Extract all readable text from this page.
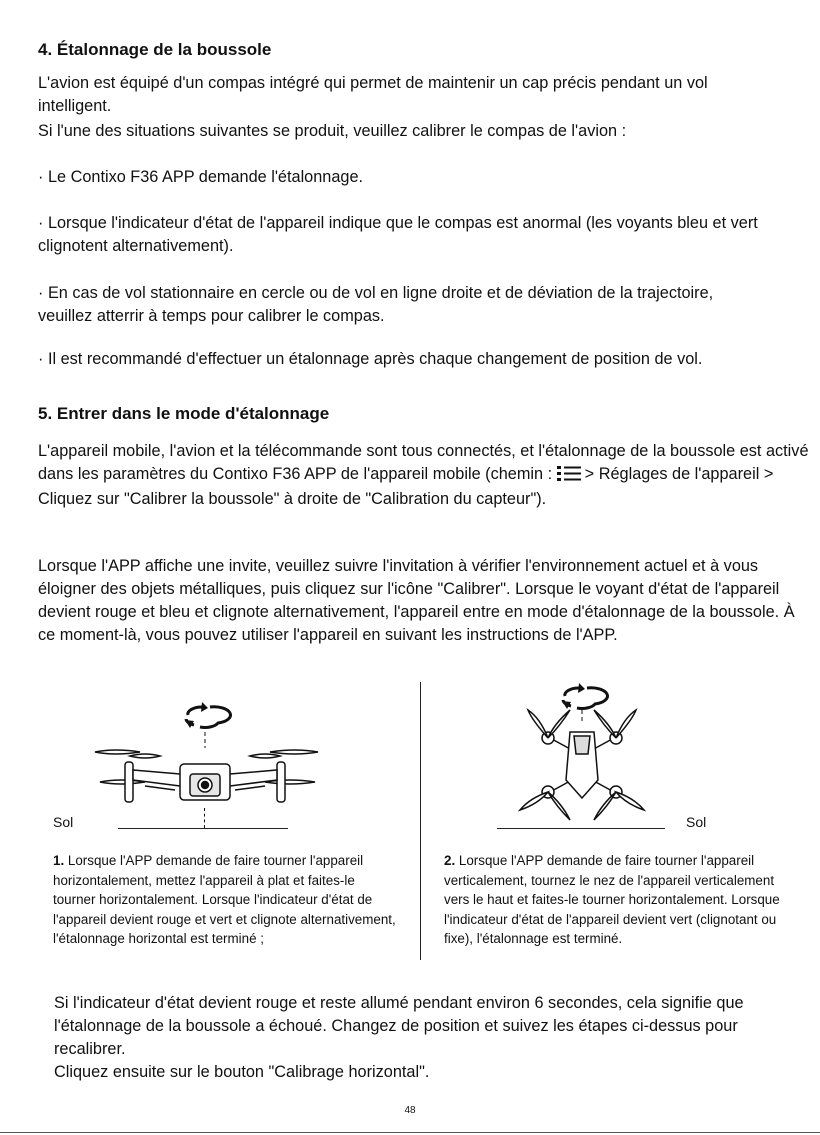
4. Étalonnage de la boussole

L'avion est équipé d'un compas intégré qui permet de maintenir un cap précis pendant un vol intelligent.

Si l'une des situations suivantes se produit, veuillez calibrer le compas de l'avion :

· Le Contixo F36 APP demande l'étalonnage.

· Lorsque l'indicateur d'état de l'appareil indique que le compas est anormal (les voyants bleu et vert clignotent alternativement).

· En cas de vol stationnaire en cercle ou de vol en ligne droite et de déviation de la trajectoire, veuillez atterrir à temps pour calibrer le compas.

· Il est recommandé d'effectuer un étalonnage après chaque changement de position de vol.

5. Entrer dans le mode d'étalonnage

L'appareil mobile, l'avion et la télécommande sont tous connectés, et l'étalonnage de la boussole est activé dans les paramètres du Contixo F36 APP de l'appareil mobile (chemin : > Réglages de l'appareil > Cliquez sur "Calibrer la boussole" à droite de "Calibration du capteur").

Lorsque l'APP affiche une invite, veuillez suivre l'invitation à vérifier l'environnement actuel et à vous éloigner des objets métalliques, puis cliquez sur l'icône "Calibrer". Lorsque le voyant d'état de l'appareil devient rouge et bleu et clignote alternativement, l'appareil entre en mode d'étalonnage de la boussole. À ce moment-là, vous pouvez utiliser l'appareil en suivant les instructions de l'APP.

Sol

1. Lorsque l'APP demande de faire tourner l'appareil horizontalement, mettez l'appareil à plat et faites-le tourner horizontalement. Lorsque l'indicateur d'état de l'appareil devient rouge et vert et clignote alternativement, l'étalonnage horizontal est terminé ;

Sol

2. Lorsque l'APP demande de faire tourner l'appareil verticalement, tournez le nez de l'appareil verticalement vers le haut et faites-le tourner horizontalement. Lorsque l'indicateur d'état de l'appareil devient vert (clignotant ou fixe), l'étalonnage est terminé.

Si l'indicateur d'état devient rouge et reste allumé pendant environ 6 secondes, cela signifie que l'étalonnage de la boussole a échoué. Changez de position et suivez les étapes ci-dessus pour recalibrer.

Cliquez ensuite sur le bouton "Calibrage horizontal".

48
